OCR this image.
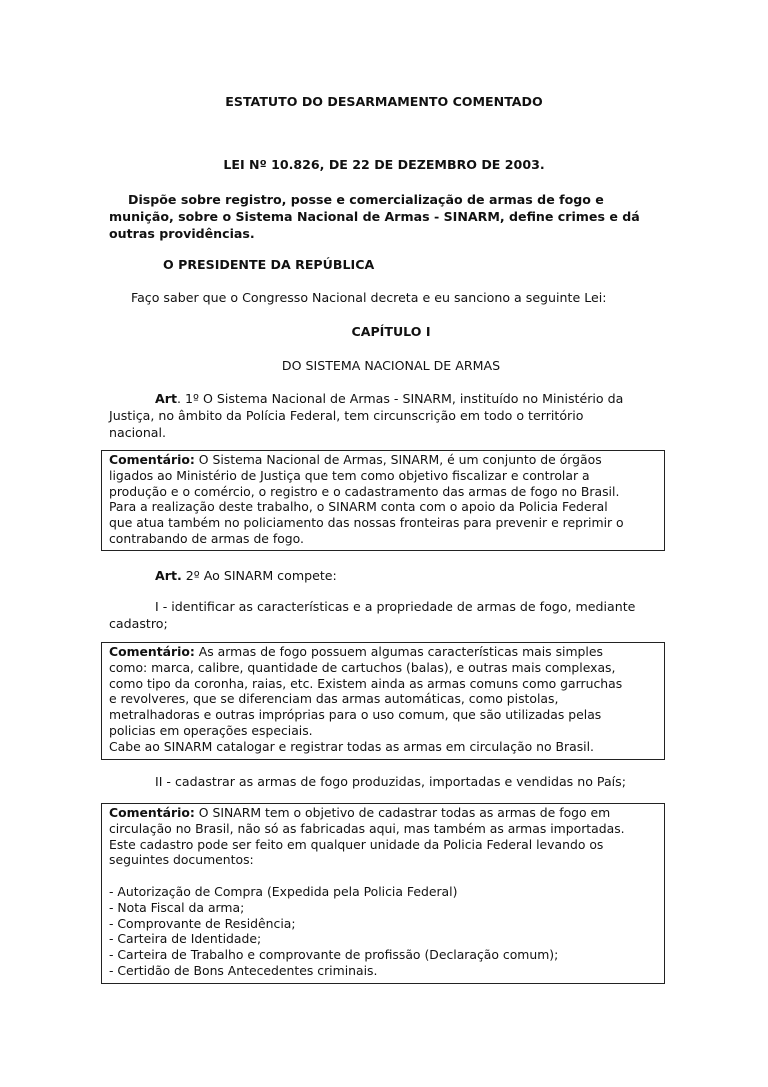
ESTATUTO DO DESARMAMENTO COMENTADO
LEI Nº 10.826, DE 22 DE DEZEMBRO DE 2003.
Dispõe sobre registro, posse e comercialização de armas de fogo e
munição, sobre o Sistema Nacional de Armas - SINARM, define crimes e dá
outras providências.
O PRESIDENTE DA REPÚBLICA
Faço saber que o Congresso Nacional decreta e eu sanciono a seguinte Lei:
CAPÍTULO I
DO SISTEMA NACIONAL DE ARMAS
Art. 1º O Sistema Nacional de Armas - SINARM, instituído no Ministério da
Justiça, no âmbito da Polícia Federal, tem circunscrição em todo o território
nacional.
Comentário: O Sistema Nacional de Armas, SINARM, é um conjunto de órgãos
ligados ao Ministério de Justiça que tem como objetivo fiscalizar e controlar a
produção e o comércio, o registro e o cadastramento das armas de fogo no Brasil.
Para a realização deste trabalho, o SINARM conta com o apoio da Policia Federal
que atua também no policiamento das nossas fronteiras para prevenir e reprimir o
contrabando de armas de fogo.
Art. 2º Ao SINARM compete:
I - identificar as características e a propriedade de armas de fogo, mediante
cadastro;
Comentário: As armas de fogo possuem algumas características mais simples
como: marca, calibre, quantidade de cartuchos (balas), e outras mais complexas,
como tipo da coronha, raias, etc. Existem ainda as armas comuns como garruchas
e revolveres, que se diferenciam das armas automáticas, como pistolas,
metralhadoras e outras impróprias para o uso comum, que são utilizadas pelas
policias em operações especiais.
Cabe ao SINARM catalogar e registrar todas as armas em circulação no Brasil.
II - cadastrar as armas de fogo produzidas, importadas e vendidas no País;
Comentário: O SINARM tem o objetivo de cadastrar todas as armas de fogo em
circulação no Brasil, não só as fabricadas aqui, mas também as armas importadas.
Este cadastro pode ser feito em qualquer unidade da Policia Federal levando os
seguintes documentos:
- Autorização de Compra (Expedida pela Policia Federal)
- Nota Fiscal da arma;
- Comprovante de Residência;
- Carteira de Identidade;
- Carteira de Trabalho e comprovante de profissão (Declaração comum);
- Certidão de Bons Antecedentes criminais.
